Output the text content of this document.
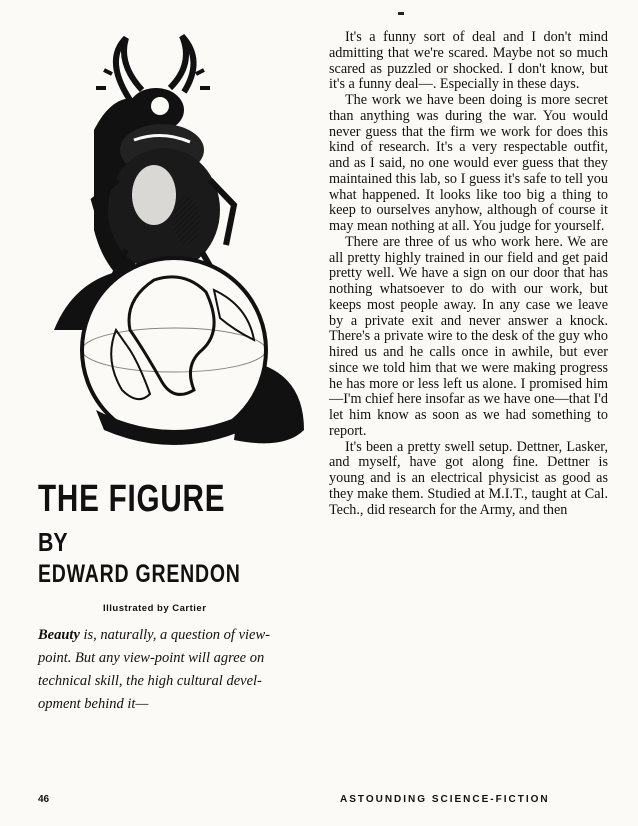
THE FIGURE
BY
EDWARD GRENDON
Illustrated by Cartier
Beauty is, naturally, a question of view-point. But any view-point will agree on technical skill, the high cultural devel-opment behind it—

It's a funny sort of deal and I don't mind admitting that we're scared. Maybe not so much scared as puzzled or shocked. I don't know, but it's a funny deal—. Especially in these days.

The work we have been doing is more secret than anything was during the war. You would never guess that the firm we work for does this kind of research. It's a very respectable outfit, and as I said, no one would ever guess that they maintained this lab, so I guess it's safe to tell you what happened. It looks like too big a thing to keep to ourselves anyhow, although of course it may mean nothing at all. You judge for yourself.

There are three of us who work here. We are all pretty highly trained in our field and get paid pretty well. We have a sign on our door that has nothing whatsoever to do with our work, but keeps most people away. In any case we leave by a private exit and never answer a knock. There's a private wire to the desk of the guy who hired us and he calls once in awhile, but ever since we told him that we were making progress he has more or less left us alone. I promised him—I'm chief here insofar as we have one—that I'd let him know as soon as we had something to report.

It's been a pretty swell setup. Dettner, Lasker, and myself, have got along fine. Dettner is young and is an electrical physicist as good as they make them. Studied at M.I.T., taught at Cal. Tech., did research for the Army, and then

46	ASTOUNDING SCIENCE-FICTION
